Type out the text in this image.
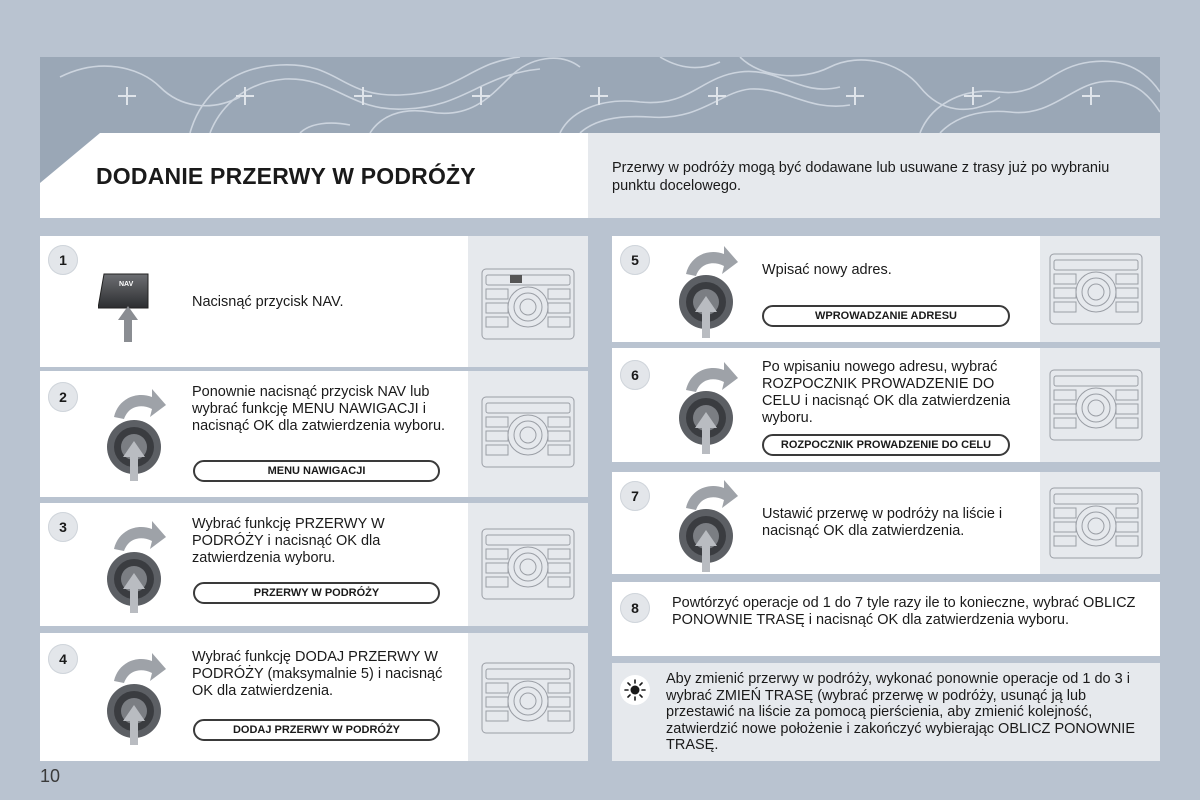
DODANIE PRZERWY W PODRÓŻY	Przerwy w podróży mogą być dodawane lub usuwane z trasy już po wybraniu punktu docelowego.
1
NAV
Nacisnąć przycisk NAV.
2	Ponownie nacisnąć przycisk NAV lub wybrać funkcję MENU NAWIGACJI i nacisnąć OK dla zatwierdzenia wyboru.
MENU NAWIGACJI
3	Wybrać funkcję PRZERWY W PODRÓŻY i nacisnąć OK dla zatwierdzenia wyboru.
PRZERWY W PODRÓŻY
4	Wybrać funkcję DODAJ PRZERWY W PODRÓŻY (maksymalnie 5) i nacisnąć OK dla zatwierdzenia.
DODAJ PRZERWY W PODRÓŻY
5
Wpisać nowy adres.
WPROWADZANIE ADRESU
6	Po wpisaniu nowego adresu, wybrać ROZPOCZNIK PROWADZENIE DO CELU i nacisnąć OK dla zatwierdzenia wyboru.
ROZPOCZNIK PROWADZENIE DO CELU
7
Ustawić przerwę w podróży na liście i nacisnąć OK dla zatwierdzenia.
8	Powtórzyć operacje od 1 do 7 tyle razy ile to konieczne, wybrać OBLICZ PONOWNIE TRASĘ i nacisnąć OK dla zatwierdzenia wyboru.
Aby zmienić przerwy w podróży, wykonać ponownie operacje od 1 do 3 i wybrać ZMIEŃ TRASĘ (wybrać przerwę w podróży, usunąć ją lub przestawić na liście za pomocą pierścienia, aby zmienić kolejność, zatwierdzić nowe położenie i zakończyć wybierając OBLICZ PONOWNIE TRASĘ.
10
